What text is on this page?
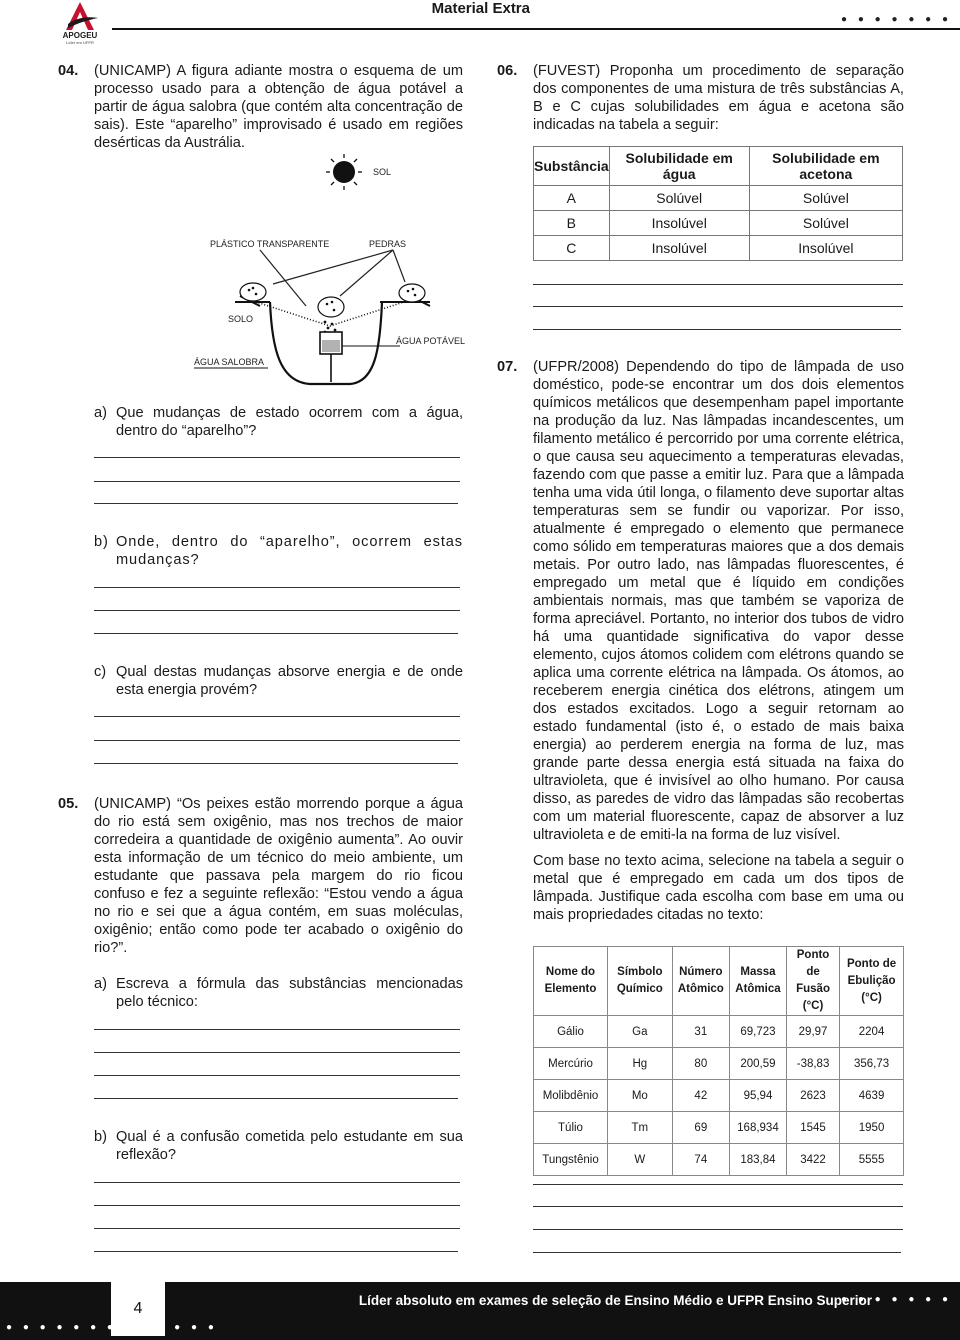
APOGEU
Líder em UFPR
Material Extra
● ● ● ● ● ● ●
04. (UNICAMP) A figura adiante mostra o esquema de um processo usado para a obtenção de água potável a partir de água salobra (que contém alta concentração de sais). Este “aparelho” improvisado é usado em regiões desérticas da Austrália.
SOL
PLÁSTICO TRANSPARENTE	PEDRAS
ÁGUA POTÁVEL
SOLO
ÁGUA SALOBRA
a) Que mudanças de estado ocorrem com a água, dentro do “aparelho”?
b) Onde, dentro do “aparelho”, ocorrem estas mudanças?
c) Qual destas mudanças absorve energia e de onde esta energia provém?
05. (UNICAMP) “Os peixes estão morrendo porque a água do rio está sem oxigênio, mas nos trechos de maior corredeira a quantidade de oxigênio aumenta”. Ao ouvir esta informação de um técnico do meio ambiente, um estudante que passava pela margem do rio ficou confuso e fez a seguinte reflexão: “Estou vendo a água no rio e sei que a água contém, em suas moléculas, oxigênio; então como pode ter acabado o oxigênio do rio?”.
a) Escreva a fórmula das substâncias mencionadas pelo técnico:
b) Qual é a confusão cometida pelo estudante em sua reflexão?
06. (FUVEST) Proponha um procedimento de separação dos componentes de uma mistura de três substâncias A, B e C cujas solubilidades em água e acetona são indicadas na tabela a seguir:
Substância	Solubilidade em água	Solubilidade em acetona
A	Solúvel	Solúvel
B	Insolúvel	Solúvel
C	Insolúvel	Insolúvel
07. (UFPR/2008) Dependendo do tipo de lâmpada de uso doméstico, pode-se encontrar um dos dois elementos químicos metálicos que desempenham papel importante na produção da luz. Nas lâmpadas incandescentes, um filamento metálico é percorrido por uma corrente elétrica, o que causa seu aquecimento a temperaturas elevadas, fazendo com que passe a emitir luz. Para que a lâmpada tenha uma vida útil longa, o filamento deve suportar altas temperaturas sem se fundir ou vaporizar. Por isso, atualmente é empregado o elemento que permanece como sólido em temperaturas maiores que a dos demais metais. Por outro lado, nas lâmpadas fluorescentes, é empregado um metal que é líquido em condições ambientais normais, mas que também se vaporiza de forma apreciável. Portanto, no interior dos tubos de vidro há uma quantidade significativa do vapor desse elemento, cujos átomos colidem com elétrons quando se aplica uma corrente elétrica na lâmpada. Os átomos, ao receberem energia cinética dos elétrons, atingem um dos estados excitados. Logo a seguir retornam ao estado fundamental (isto é, o estado de mais baixa energia) ao perderem energia na forma de luz, mas grande parte dessa energia está situada na faixa do ultravioleta, que é invisível ao olho humano. Por causa disso, as paredes de vidro das lâmpadas são recobertas com um material fluorescente, capaz de absorver a luz ultravioleta e de emiti-la na forma de luz visível.
Com base no texto acima, selecione na tabela a seguir o metal que é empregado em cada um dos tipos de lâmpada. Justifique cada escolha com base em uma ou mais propriedades citadas no texto:
Nome do Elemento	Símbolo Químico	Número Atômico	Massa Atômica	Ponto de Fusão (°C)	Ponto de Ebulição (°C)
Gálio	Ga	31	69,723	29,97	2204
Mercúrio	Hg	80	200,59	-38,83	356,73
Molibdênio	Mo	42	95,94	2623	4639
Túlio	Tm	69	168,934	1545	1950
Tungstênio	W	74	183,84	3422	5555
4	Líder absoluto em exames de seleção de Ensino Médio e UFPR Ensino Superior
● ● ● ● ● ● ●
● ● ● ● ● ● ● ● ● ● ● ● ●
